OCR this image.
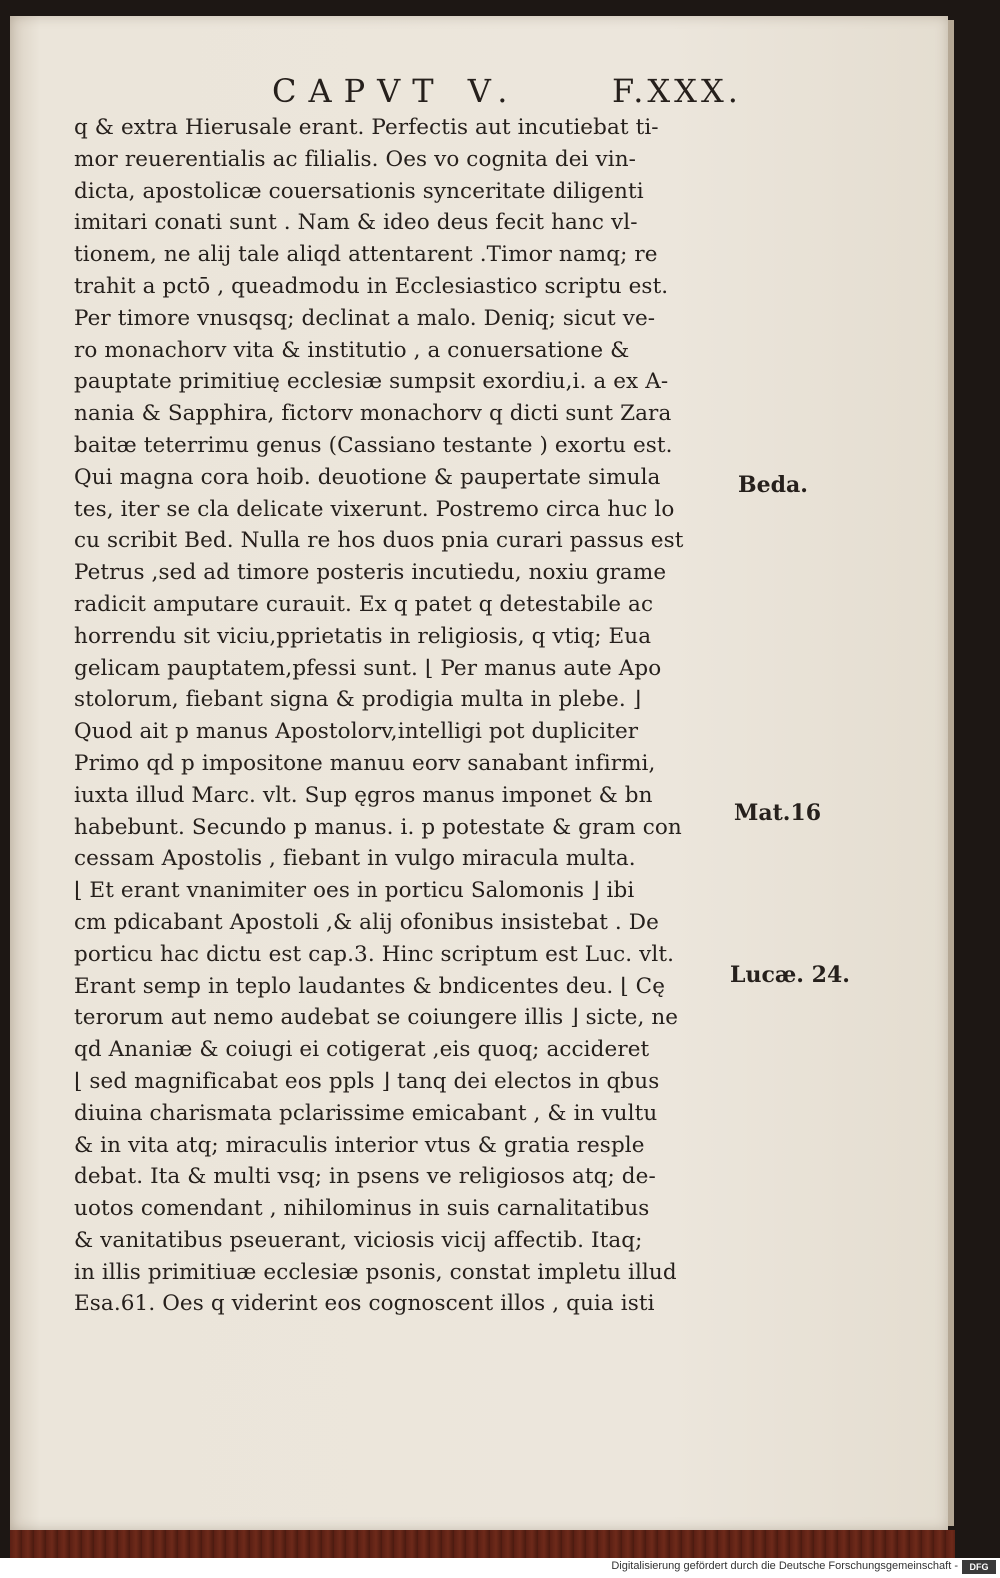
CAPVT V.	F.XXX.
q & extra Hierusale erant. Perfectis aut incutiebat ti-
mor reuerentialis ac filialis. Oes vo cognita dei vin-
dicta, apostolicæ couersationis synceritate diligenti
imitari conati sunt . Nam & ideo deus fecit hanc vl-
tionem, ne alij tale aliqd attentarent .Timor namq; re
trahit a pctō , queadmodu in Ecclesiastico scriptu est.
Per timore vnusqsq; declinat a malo. Deniq; sicut ve-
ro monachorv vita & institutio , a conuersatione &
pauptate primitiuę ecclesiæ sumpsit exordiu,i. a ex A-
nania & Sapphira, fictorv monachorv q dicti sunt Zara
baitæ teterrimu genus (Cassiano testante ) exortu est.
Qui magna cora hoib. deuotione & paupertate simula
tes, iter se cla delicate vixerunt. Postremo circa huc lo
cu scribit Bed. Nulla re hos duos pnia curari passus est
Petrus ,sed ad timore posteris incutiedu, noxiu grame
radicit amputare curauit. Ex q patet q detestabile ac
horrendu sit viciu,pprietatis in religiosis, q vtiq; Eua
gelicam pauptatem,pfessi sunt. ⌊ Per manus aute Apo
stolorum, fiebant signa & prodigia multa in plebe. ⌋
Quod ait p manus Apostolorv,intelligi pot dupliciter
Primo qd p impositone manuu eorv sanabant infirmi,
iuxta illud Marc. vlt. Sup ęgros manus imponet & bn
habebunt. Secundo p manus. i. p potestate & gram con
cessam Apostolis , fiebant in vulgo miracula multa.
⌊ Et erant vnanimiter oes in porticu Salomonis ⌋ ibi
cm pdicabant Apostoli ,& alij ofonibus insistebat . De
porticu hac dictu est cap.3. Hinc scriptum est Luc. vlt.
Erant semp in teplo laudantes & bndicentes deu. ⌊ Cę
terorum aut nemo audebat se coiungere illis ⌋ sicte, ne
qd Ananiæ & coiugi ei cotigerat ,eis quoq; accideret
⌊ sed magnificabat eos ppls ⌋ tanq dei electos in qbus
diuina charismata pclarissime emicabant , & in vultu
& in vita atq; miraculis interior vtus & gratia resple
debat. Ita & multi vsq; in psens ve religiosos atq; de-
uotos comendant , nihilominus in suis carnalitatibus
& vanitatibus pseuerant, viciosis vicij affectib. Itaq;
in illis primitiuæ ecclesiæ psonis, constat impletu illud
Esa.61. Oes q viderint eos cognoscent illos , quia isti
Beda.
Mat.16
Lucæ. 24.
Digitalisierung gefördert durch die Deutsche Forschungsgemeinschaft -	DFG
